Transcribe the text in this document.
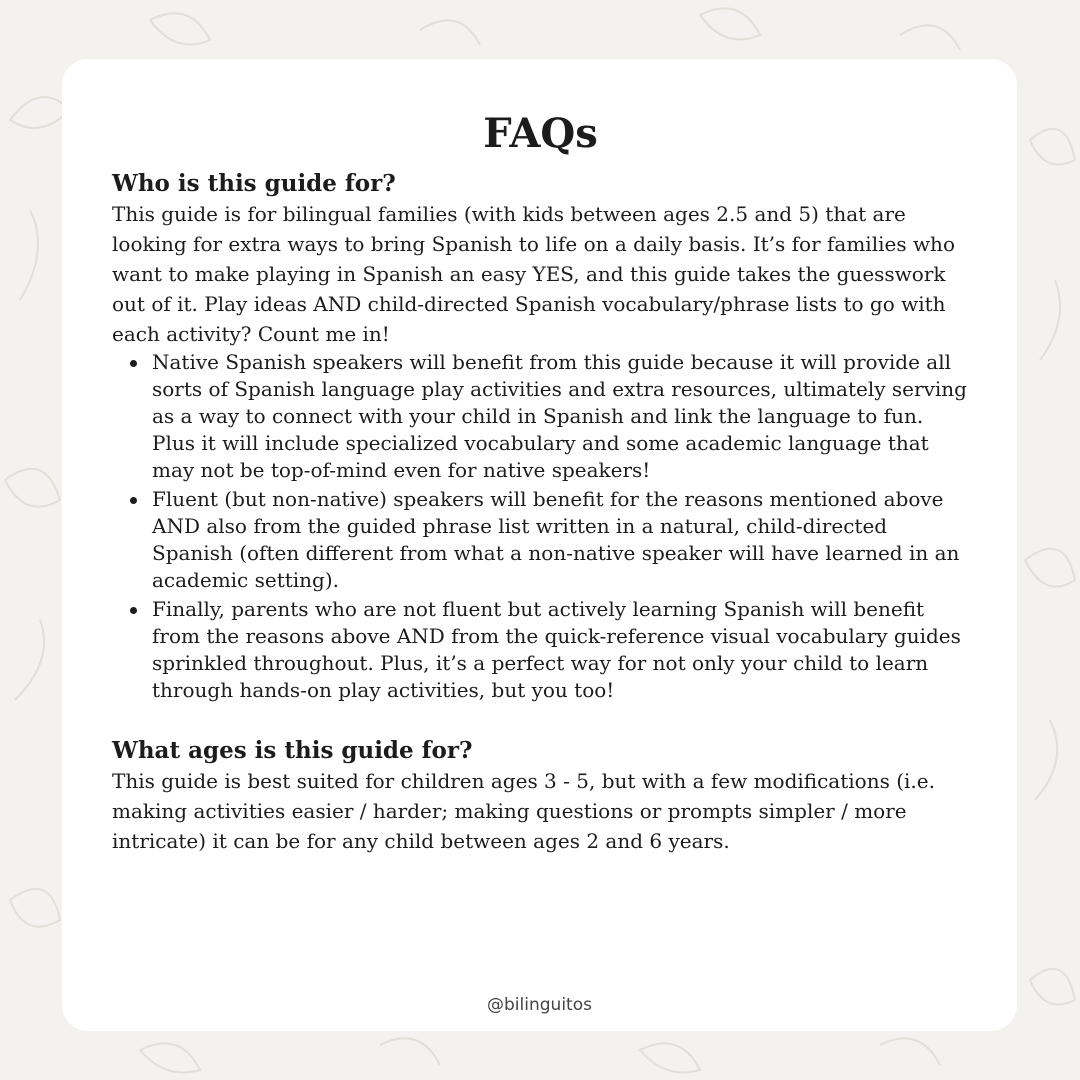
FAQs
Who is this guide for?

This guide is for bilingual families (with kids between ages 2.5 and 5) that are looking for extra ways to bring Spanish to life on a daily basis. It’s for families who want to make playing in Spanish an easy YES, and this guide takes the guesswork out of it. Play ideas AND child-directed Spanish vocabulary/phrase lists to go with each activity? Count me in!

Native Spanish speakers will benefit from this guide because it will provide all sorts of Spanish language play activities and extra resources, ultimately serving as a way to connect with your child in Spanish and link the language to fun. Plus it will include specialized vocabulary and some academic language that may not be top-of-mind even for native speakers!
Fluent (but non-native) speakers will benefit for the reasons mentioned above AND also from the guided phrase list written in a natural, child-directed Spanish (often different from what a non-native speaker will have learned in an academic setting).
Finally, parents who are not fluent but actively learning Spanish will benefit from the reasons above AND from the quick-reference visual vocabulary guides sprinkled throughout. Plus, it’s a perfect way for not only your child to learn through hands-on play activities, but you too!
What ages is this guide for?

This guide is best suited for children ages 3 - 5, but with a few modifications (i.e. making activities easier / harder; making questions or prompts simpler / more intricate) it can be for any child between ages 2 and 6 years.

@bilinguitos
